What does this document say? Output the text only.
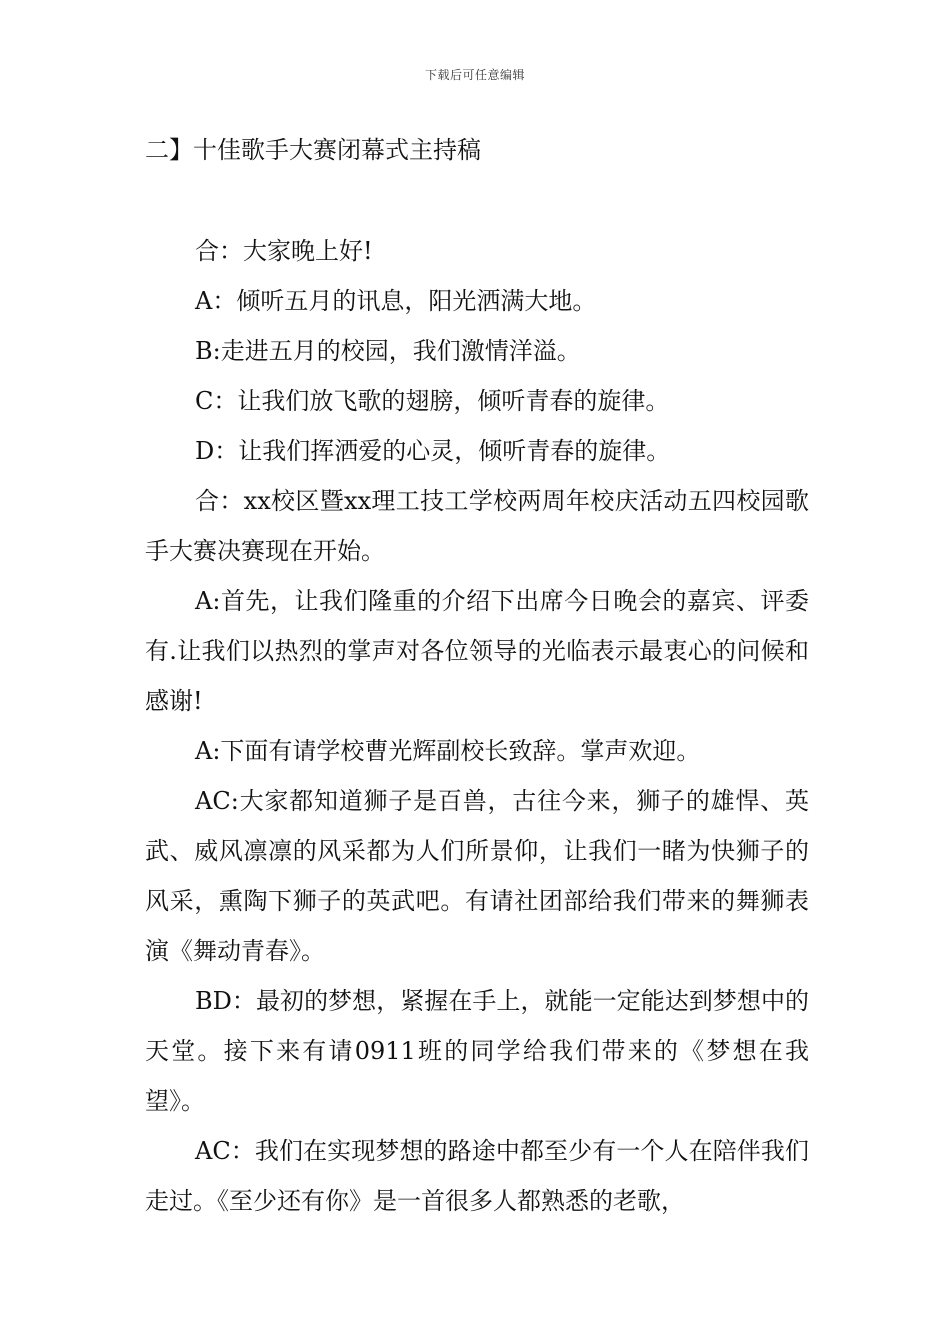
下载后可任意编辑
二】十佳歌手大赛闭幕式主持稿

合：大家晚上好!

A：倾听五月的讯息，阳光洒满大地。

B:走进五月的校园，我们激情洋溢。

C：让我们放飞歌的翅膀，倾听青春的旋律。

D：让我们挥洒爱的心灵，倾听青春的旋律。

合：xx校区暨xx理工技工学校两周年校庆活动五四校园歌手大赛决赛现在开始。

A:首先，让我们隆重的介绍下出席今日晚会的嘉宾、评委有.让我们以热烈的掌声对各位领导的光临表示最衷心的问候和感谢!

A:下面有请学校曹光辉副校长致辞。掌声欢迎。

AC:大家都知道狮子是百兽，古往今来，狮子的雄悍、英武、威风凛凛的风采都为人们所景仰，让我们一睹为快狮子的风采，熏陶下狮子的英武吧。有请社团部给我们带来的舞狮表演《舞动青春》。

BD：最初的梦想，紧握在手上，就能一定能达到梦想中的天堂。接下来有请0911班的同学给我们带来的《梦想在我望》。

AC：我们在实现梦想的路途中都至少有一个人在陪伴我们走过。《至少还有你》是一首很多人都熟悉的老歌，
